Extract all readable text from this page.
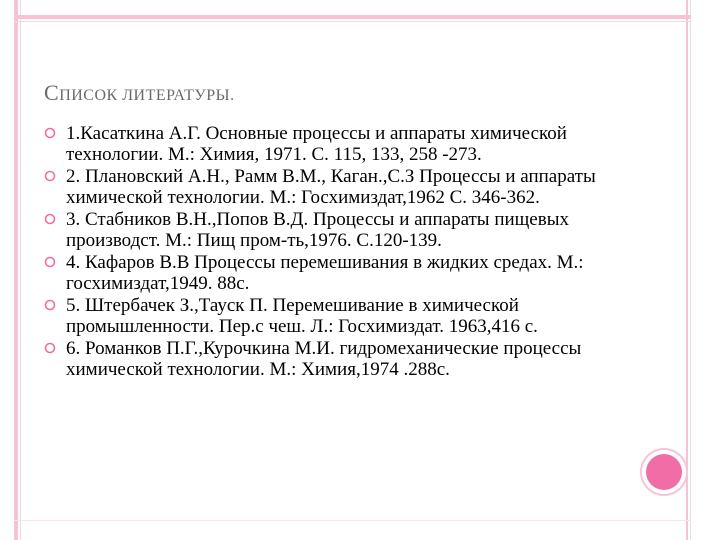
СПИСОК ЛИТЕРАТУРЫ.
1.Касаткина А.Г. Основные процессы и аппараты химической технологии. М.: Химия, 1971. С. 115, 133, 258 -273.
2. Плановский А.Н., Рамм В.М., Каган.,С.З Процессы и аппараты химической технологии. М.: Госхимиздат,1962 С. 346-362.
3. Стабников В.Н.,Попов В.Д. Процессы и аппараты пищевых производст. М.: Пищ пром-ть,1976. С.120-139.
4. Кафаров В.В Процессы перемешивания в жидких средах. М.: госхимиздат,1949. 88с.
5. Штербачек З.,Тауск П. Перемешивание в химической промышленности. Пер.с чеш. Л.: Госхимиздат. 1963,416 с.
6. Романков П.Г.,Курочкина М.И. гидромеханические процессы химической технологии. М.: Химия,1974 .288с.
